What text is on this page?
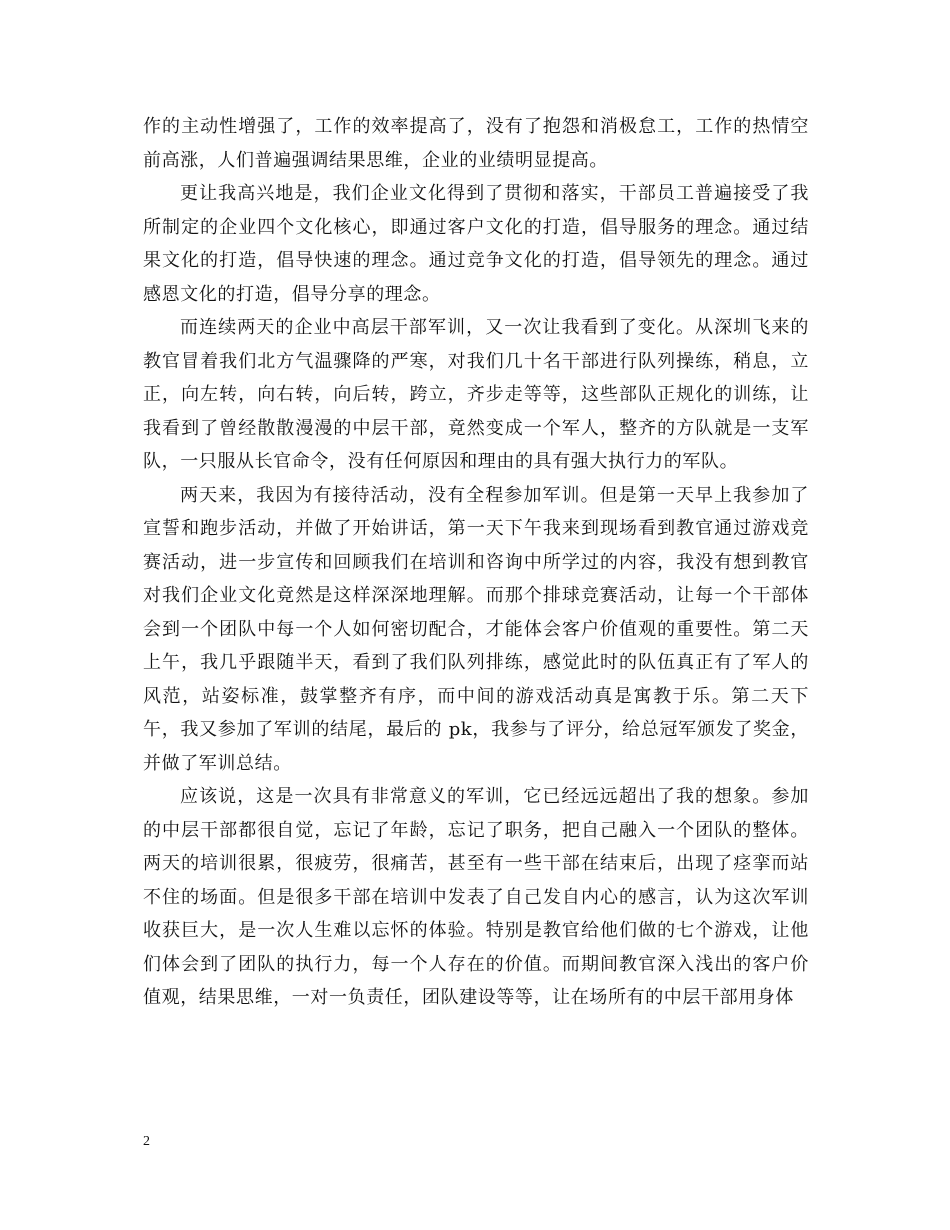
作的主动性增强了，工作的效率提高了，没有了抱怨和消极怠工，工作的热情空前高涨，人们普遍强调结果思维，企业的业绩明显提高。

更让我高兴地是，我们企业文化得到了贯彻和落实，干部员工普遍接受了我所制定的企业四个文化核心，即通过客户文化的打造，倡导服务的理念。通过结果文化的打造，倡导快速的理念。通过竞争文化的打造，倡导领先的理念。通过感恩文化的打造，倡导分享的理念。

而连续两天的企业中高层干部军训，又一次让我看到了变化。从深圳飞来的教官冒着我们北方气温骤降的严寒，对我们几十名干部进行队列操练，稍息，立正，向左转，向右转，向后转，跨立，齐步走等等，这些部队正规化的训练，让我看到了曾经散散漫漫的中层干部，竟然变成一个军人，整齐的方队就是一支军队，一只服从长官命令，没有任何原因和理由的具有强大执行力的军队。

两天来，我因为有接待活动，没有全程参加军训。但是第一天早上我参加了宣誓和跑步活动，并做了开始讲话，第一天下午我来到现场看到教官通过游戏竞赛活动，进一步宣传和回顾我们在培训和咨询中所学过的内容，我没有想到教官对我们企业文化竟然是这样深深地理解。而那个排球竞赛活动，让每一个干部体会到一个团队中每一个人如何密切配合，才能体会客户价值观的重要性。第二天上午，我几乎跟随半天，看到了我们队列排练，感觉此时的队伍真正有了军人的风范，站姿标准，鼓掌整齐有序，而中间的游戏活动真是寓教于乐。第二天下午，我又参加了军训的结尾，最后的 pk，我参与了评分，给总冠军颁发了奖金，并做了军训总结。

应该说，这是一次具有非常意义的军训，它已经远远超出了我的想象。参加的中层干部都很自觉，忘记了年龄，忘记了职务，把自己融入一个团队的整体。两天的培训很累，很疲劳，很痛苦，甚至有一些干部在结束后，出现了痉挛而站不住的场面。但是很多干部在培训中发表了自己发自内心的感言，认为这次军训收获巨大，是一次人生难以忘怀的体验。特别是教官给他们做的七个游戏，让他们体会到了团队的执行力，每一个人存在的价值。而期间教官深入浅出的客户价值观，结果思维，一对一负责任，团队建设等等，让在场所有的中层干部用身体

2
